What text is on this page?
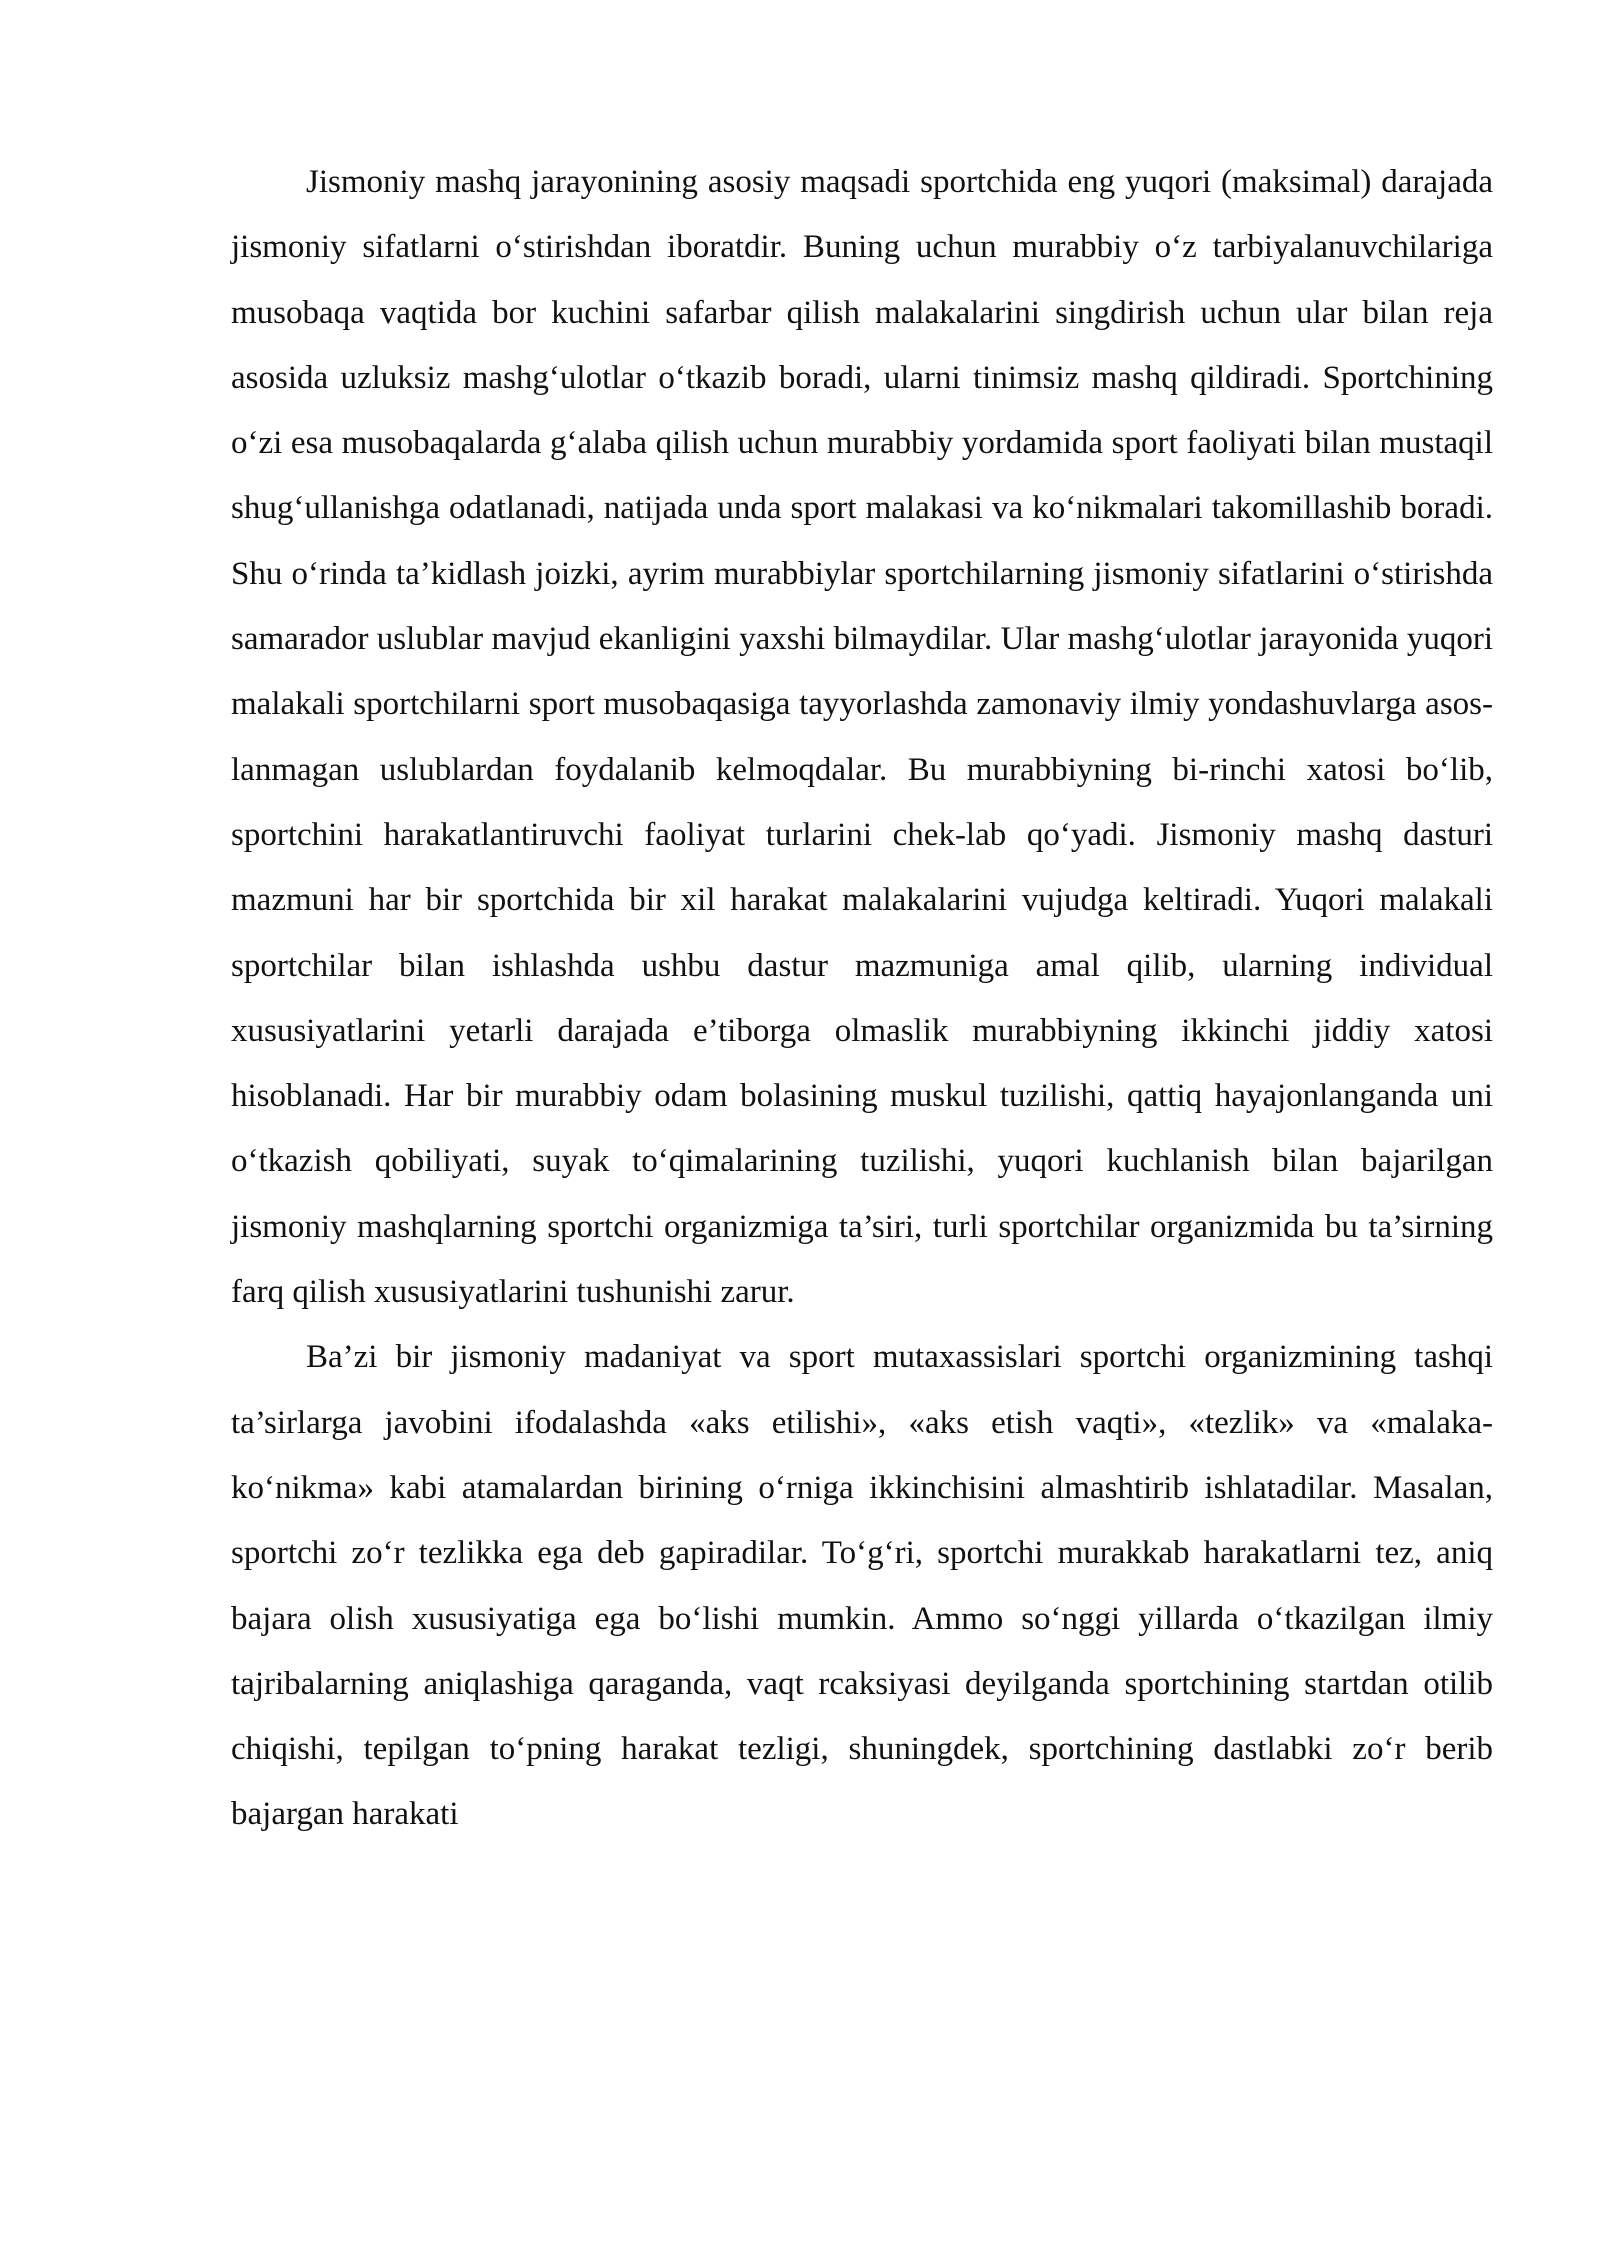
Jismoniy mashq jarayonining asosiy maqsadi sportchida eng yuqori (maksimal) darajada jismoniy sifatlarni o‘stirishdan iboratdir. Buning uchun murabbiy o‘z tarbiyalanuvchilariga musobaqa vaqtida bor kuchini safarbar qilish malakalarini singdirish uchun ular bilan reja asosida uzluksiz mashg‘ulotlar o‘tkazib boradi, ularni tinimsiz mashq qildiradi. Sportchining o‘zi esa musobaqalarda g‘alaba qilish uchun murabbiy yordamida sport faoliyati bilan mustaqil shug‘ullanishga odatlanadi, natijada unda sport malakasi va ko‘nikmalari takomillashib boradi. Shu o‘rinda ta’kidlash joizki, ayrim murabbiylar sportchilarning jismoniy sifatlarini o‘stirishda samarador uslublar mavjud ekanligini yaxshi bilmaydilar. Ular mashg‘ulotlar jarayonida yuqori malakali sportchilarni sport musobaqasiga tayyorlashda zamonaviy ilmiy yondashuvlarga asos-lanmagan uslublardan foydalanib kelmoqdalar. Bu murabbiyning bi-rinchi xatosi bo‘lib, sportchini harakatlantiruvchi faoliyat turlarini chek-lab qo‘yadi. Jismoniy mashq dasturi mazmuni har bir sportchida bir xil harakat malakalarini vujudga keltiradi. Yuqori malakali sportchilar bilan ishlashda ushbu dastur mazmuniga amal qilib, ularning individual xususiyatlarini yetarli darajada e’tiborga olmaslik murabbiyning ikkinchi jiddiy xatosi hisoblanadi. Har bir murabbiy odam bolasining muskul tuzilishi, qattiq hayajonlanganda uni o‘tkazish qobiliyati, suyak to‘qimalarining tuzilishi, yuqori kuchlanish bilan bajarilgan jismoniy mashqlarning sportchi organizmiga ta’siri, turli sportchilar organizmida bu ta’sirning farq qilish xususiyatlarini tushunishi zarur.

Ba’zi bir jismoniy madaniyat va sport mutaxassislari sportchi organizmining tashqi ta’sirlarga javobini ifodalashda «aks etilishi», «aks etish vaqti», «tezlik» va «malaka-ko‘nikma» kabi atamalardan birining o‘rniga ikkinchisini almashtirib ishlatadilar. Masalan, sportchi zo‘r tezlikka ega deb gapiradilar. To‘g‘ri, sportchi murakkab harakatlarni tez, aniq bajara olish xususiyatiga ega bo‘lishi mumkin. Ammo so‘nggi yillarda o‘tkazilgan ilmiy tajribalarning aniqlashiga qaraganda, vaqt rcaksiyasi deyilganda sportchining startdan otilib chiqishi, tepilgan to‘pning harakat tezligi, shuningdek, sportchining dastlabki zo‘r berib bajargan harakati
